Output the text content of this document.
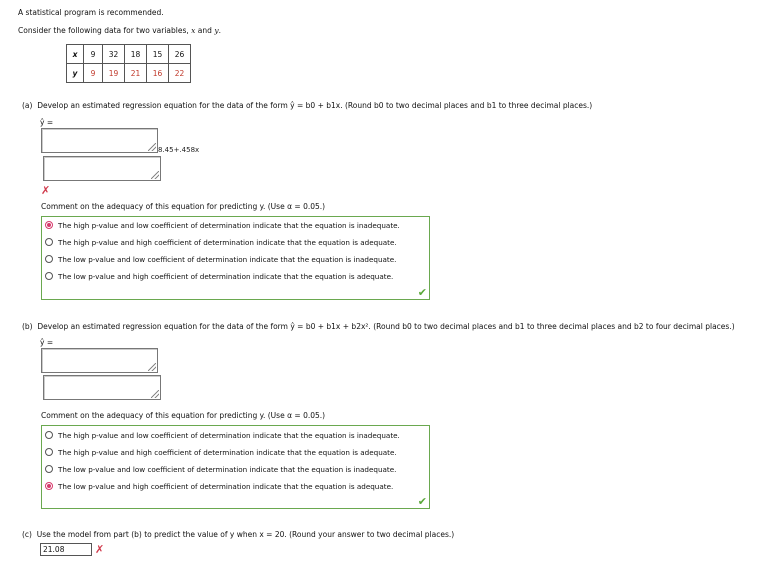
A statistical program is recommended.
Consider the following data for two variables, x and y.
x	9	32	18	15	26
y	9	19	21	16	22
(a) Develop an estimated regression equation for the data of the form ŷ = b0 + b1x. (Round b0 to two decimal places and b1 to three decimal places.)
ŷ =
8.45+.458x
✗
Comment on the adequacy of this equation for predicting y. (Use α = 0.05.)
The high p-value and low coefficient of determination indicate that the equation is inadequate.
The high p-value and high coefficient of determination indicate that the equation is adequate.
The low p-value and low coefficient of determination indicate that the equation is inadequate.
The low p-value and high coefficient of determination indicate that the equation is adequate.
✔
(b) Develop an estimated regression equation for the data of the form ŷ = b0 + b1x + b2x². (Round b0 to two decimal places and b1 to three decimal places and b2 to four decimal places.)
ŷ =
Comment on the adequacy of this equation for predicting y. (Use α = 0.05.)
The high p-value and low coefficient of determination indicate that the equation is inadequate.
The high p-value and high coefficient of determination indicate that the equation is adequate.
The low p-value and low coefficient of determination indicate that the equation is inadequate.
The low p-value and high coefficient of determination indicate that the equation is adequate.
✔
(c) Use the model from part (b) to predict the value of y when x = 20. (Round your answer to two decimal places.)
21.08	✗
